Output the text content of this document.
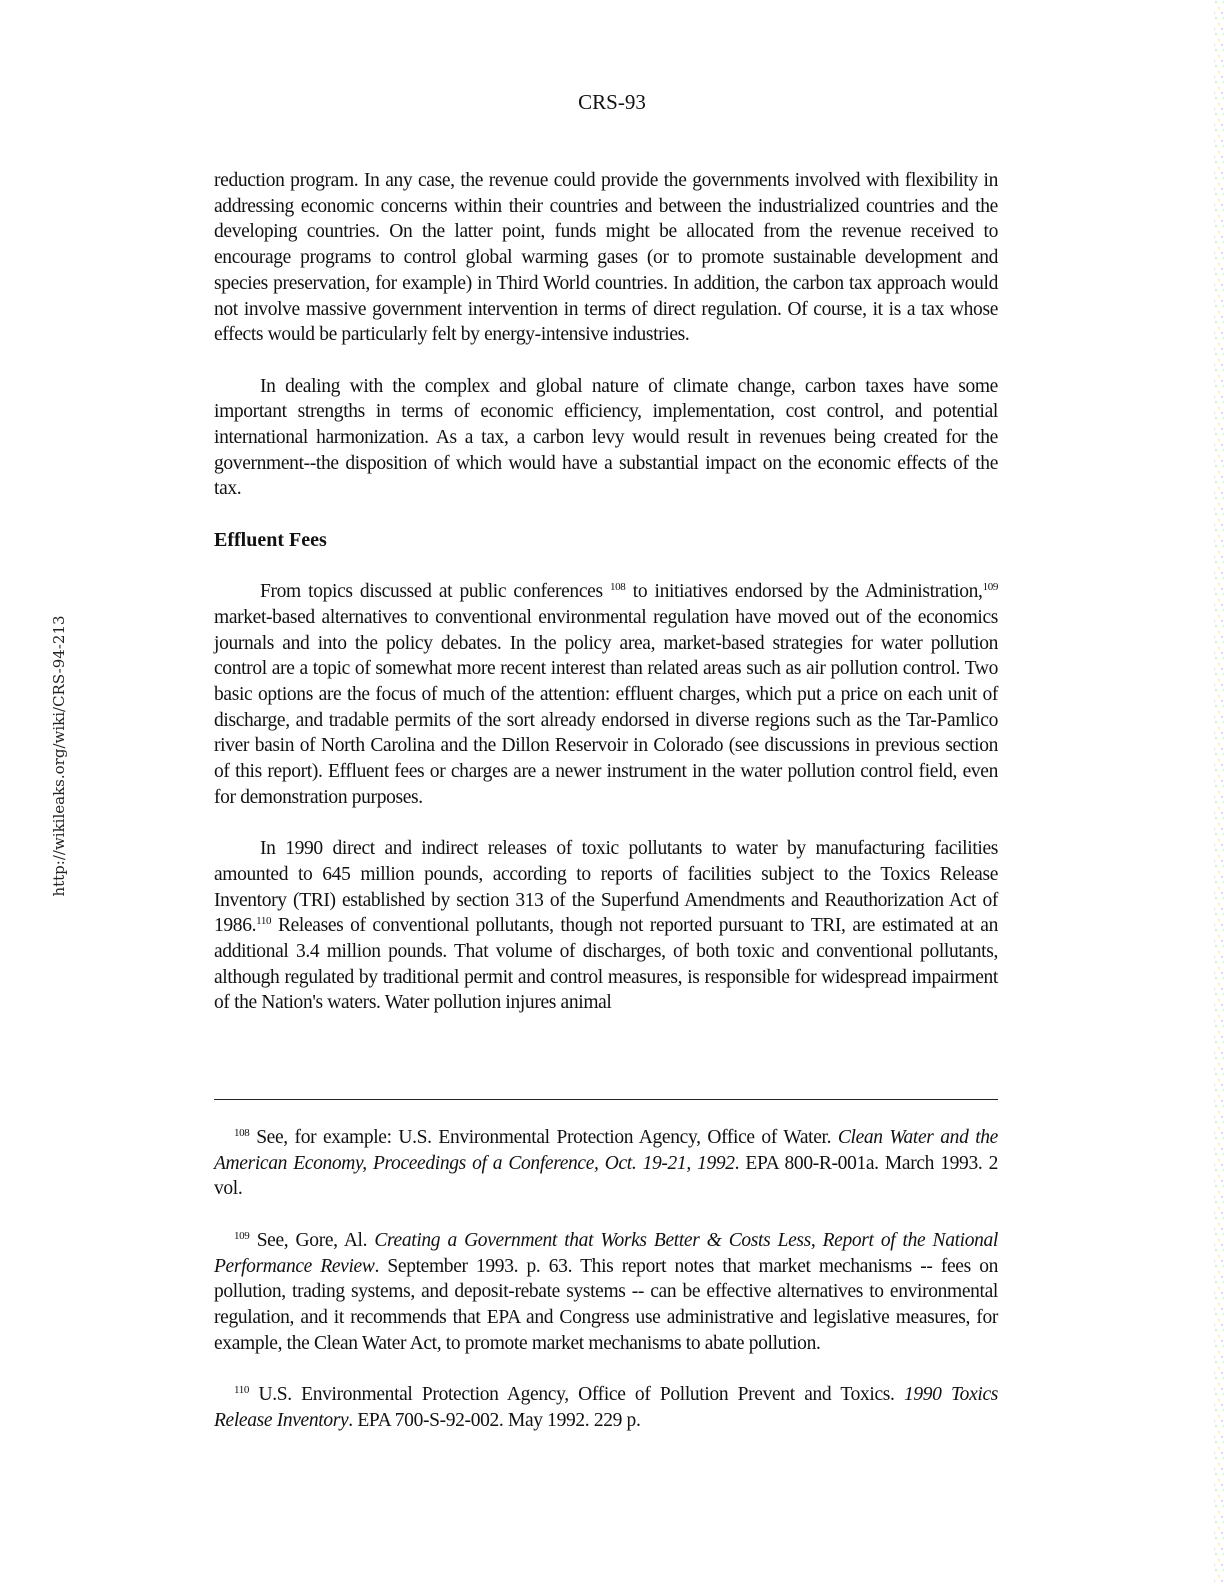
http://wikileaks.org/wiki/CRS-94-213
CRS-93

reduction program. In any case, the revenue could provide the governments involved with flexibility in addressing economic concerns within their countries and between the industrialized countries and the developing countries. On the latter point, funds might be allocated from the revenue received to encourage programs to control global warming gases (or to promote sustainable development and species preservation, for example) in Third World countries. In addition, the carbon tax approach would not involve massive government intervention in terms of direct regulation. Of course, it is a tax whose effects would be particularly felt by energy-intensive industries.

In dealing with the complex and global nature of climate change, carbon taxes have some important strengths in terms of economic efficiency, implementation, cost control, and potential international harmonization. As a tax, a carbon levy would result in revenues being created for the government--the disposition of which would have a substantial impact on the economic effects of the tax.

Effluent Fees

From topics discussed at public conferences $^{108}$ to initiatives endorsed by the Administration,$^{109}$ market-based alternatives to conventional environmental regulation have moved out of the economics journals and into the policy debates. In the policy area, market-based strategies for water pollution control are a topic of somewhat more recent interest than related areas such as air pollution control. Two basic options are the focus of much of the attention: effluent charges, which put a price on each unit of discharge, and tradable permits of the sort already endorsed in diverse regions such as the Tar-Pamlico river basin of North Carolina and the Dillon Reservoir in Colorado (see discussions in previous section of this report). Effluent fees or charges are a newer instrument in the water pollution control field, even for demonstration purposes.

In 1990 direct and indirect releases of toxic pollutants to water by manufacturing facilities amounted to 645 million pounds, according to reports of facilities subject to the Toxics Release Inventory (TRI) established by section 313 of the Superfund Amendments and Reauthorization Act of 1986.$^{110}$ Releases of conventional pollutants, though not reported pursuant to TRI, are estimated at an additional 3.4 million pounds. That volume of discharges, of both toxic and conventional pollutants, although regulated by traditional permit and control measures, is responsible for widespread impairment of the Nation's waters. Water pollution injures animal

$^{108}$ See, for example: U.S. Environmental Protection Agency, Office of Water. Clean Water and the American Economy, Proceedings of a Conference, Oct. 19-21, 1992. EPA 800-R-001a. March 1993. 2 vol.

$^{109}$ See, Gore, Al. Creating a Government that Works Better & Costs Less, Report of the National Performance Review. September 1993. p. 63. This report notes that market mechanisms -- fees on pollution, trading systems, and deposit-rebate systems -- can be effective alternatives to environmental regulation, and it recommends that EPA and Congress use administrative and legislative measures, for example, the Clean Water Act, to promote market mechanisms to abate pollution.

$^{110}$ U.S. Environmental Protection Agency, Office of Pollution Prevent and Toxics. 1990 Toxics Release Inventory. EPA 700-S-92-002. May 1992. 229 p.
